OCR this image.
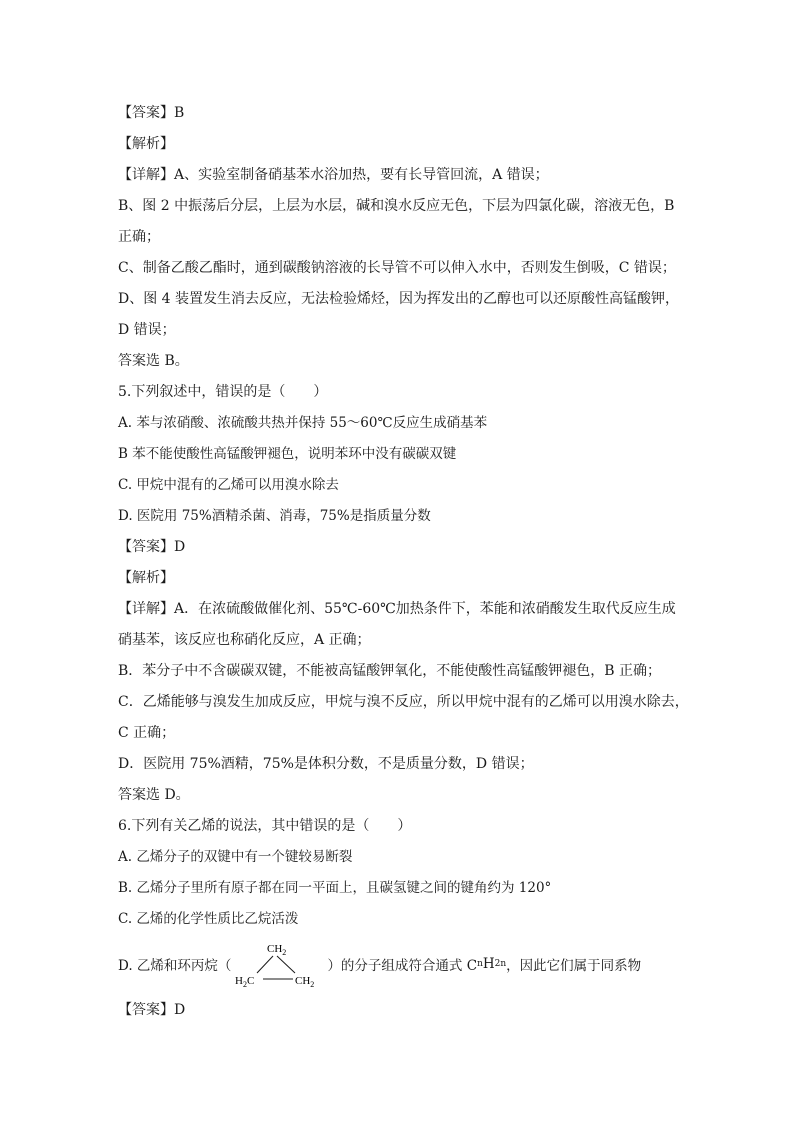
【答案】B
【解析】
【详解】A、实验室制备硝基苯水浴加热，要有长导管回流，A 错误；
B、图 2 中振荡后分层，上层为水层，碱和溴水反应无色，下层为四氯化碳，溶液无色，B
正确；
C、制备乙酸乙酯时，通到碳酸钠溶液的长导管不可以伸入水中，否则发生倒吸，C 错误；
D、图 4 装置发生消去反应，无法检验烯烃，因为挥发出的乙醇也可以还原酸性高锰酸钾，
D 错误；
答案选 B。
5.下列叙述中，错误的是（　　）
A. 苯与浓硝酸、浓硫酸共热并保持 55～60℃反应生成硝基苯
B 苯不能使酸性高锰酸钾褪色，说明苯环中没有碳碳双键
C. 甲烷中混有的乙烯可以用溴水除去
D. 医院用 75%酒精杀菌、消毒，75%是指质量分数
【答案】D
【解析】
【详解】A．在浓硫酸做催化剂、55℃-60℃加热条件下，苯能和浓硝酸发生取代反应生成
硝基苯，该反应也称硝化反应，A 正确；
B．苯分子中不含碳碳双键，不能被高锰酸钾氧化，不能使酸性高锰酸钾褪色，B 正确；
C．乙烯能够与溴发生加成反应，甲烷与溴不反应，所以甲烷中混有的乙烯可以用溴水除去，
C 正确；
D．医院用 75%酒精，75%是体积分数，不是质量分数，D 错误；
答案选 D。
6.下列有关乙烯的说法，其中错误的是（　　）
A. 乙烯分子的双键中有一个键较易断裂
B. 乙烯分子里所有原子都在同一平面上，且碳氢键之间的键角约为 120°
C. 乙烯的化学性质比乙烷活泼
D. 乙烯和环丙烷（
$CH_2$
$H_2C$	$CH_2$
）的分子组成符合通式 C n H 2n ，因此它们属于同系物
【答案】D
